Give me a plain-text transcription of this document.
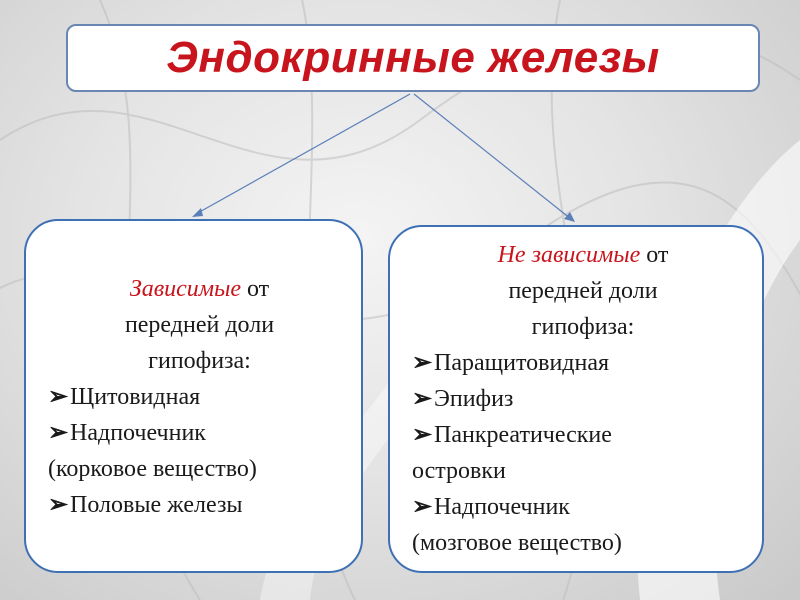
Эндокринные железы
Зависимые от
передней доли
гипофиза:
➢Щитовидная
➢Надпочечник
(корковое вещество)
➢Половые железы
Не зависимые от
передней доли
гипофиза:
➢Паращитовидная
➢Эпифиз
➢Панкреатические
островки
➢Надпочечник
(мозговое вещество)
